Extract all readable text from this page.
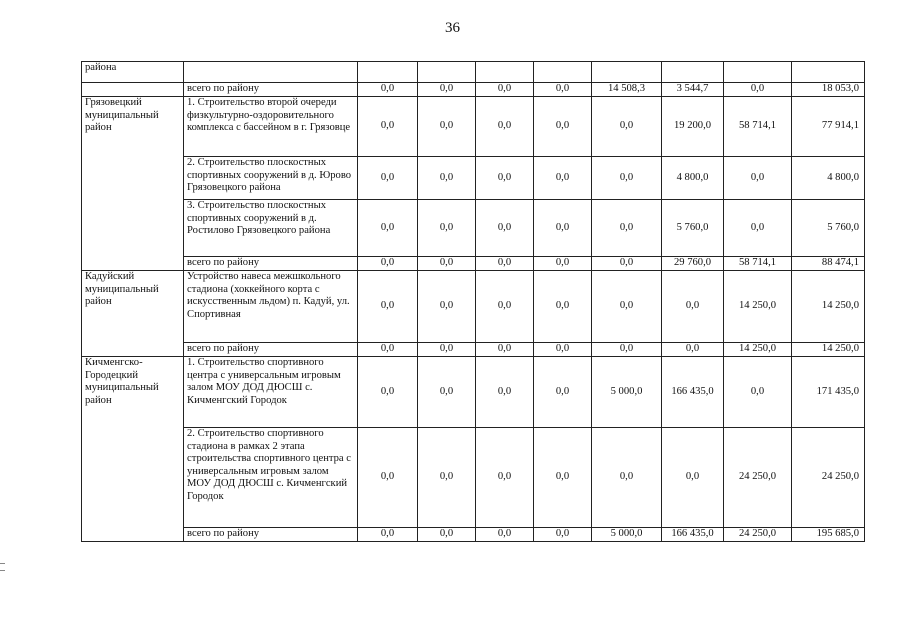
36
района									
	всего по району	0,0	0,0	0,0	0,0	14 508,3	3 544,7	0,0	18 053,0
Грязовецкий муниципальный район	1. Строительство второй очереди физкультурно-оздоровительного комплекса с бассейном в г. Грязовце	0,0	0,0	0,0	0,0	0,0	19 200,0	58 714,1	77 914,1
	2. Строительство плоскостных спортивных сооружений в д. Юрово Грязовецкого района	0,0	0,0	0,0	0,0	0,0	4 800,0	0,0	4 800,0
	3. Строительство плоскостных спортивных сооружений в д. Ростилово Грязовецкого района	0,0	0,0	0,0	0,0	0,0	5 760,0	0,0	5 760,0
	всего по району	0,0	0,0	0,0	0,0	0,0	29 760,0	58 714,1	88 474,1
Кадуйский муниципальный район	Устройство навеса межшкольного стадиона (хоккейного корта с искусственным льдом) п. Кадуй, ул. Спортивная	0,0	0,0	0,0	0,0	0,0	0,0	14 250,0	14 250,0
	всего по району	0,0	0,0	0,0	0,0	0,0	0,0	14 250,0	14 250,0
Кичменгско-Городецкий муниципальный район	1. Строительство спортивного центра с универсальным игровым залом МОУ ДОД ДЮСШ с. Кичменгский Городок	0,0	0,0	0,0	0,0	5 000,0	166 435,0	0,0	171 435,0
	2. Строительство спортивного стадиона в рамках 2 этапа строительства спортивного центра с универсальным игровым залом МОУ ДОД ДЮСШ с. Кичменгский Городок	0,0	0,0	0,0	0,0	0,0	0,0	24 250,0	24 250,0
	всего по району	0,0	0,0	0,0	0,0	5 000,0	166 435,0	24 250,0	195 685,0
